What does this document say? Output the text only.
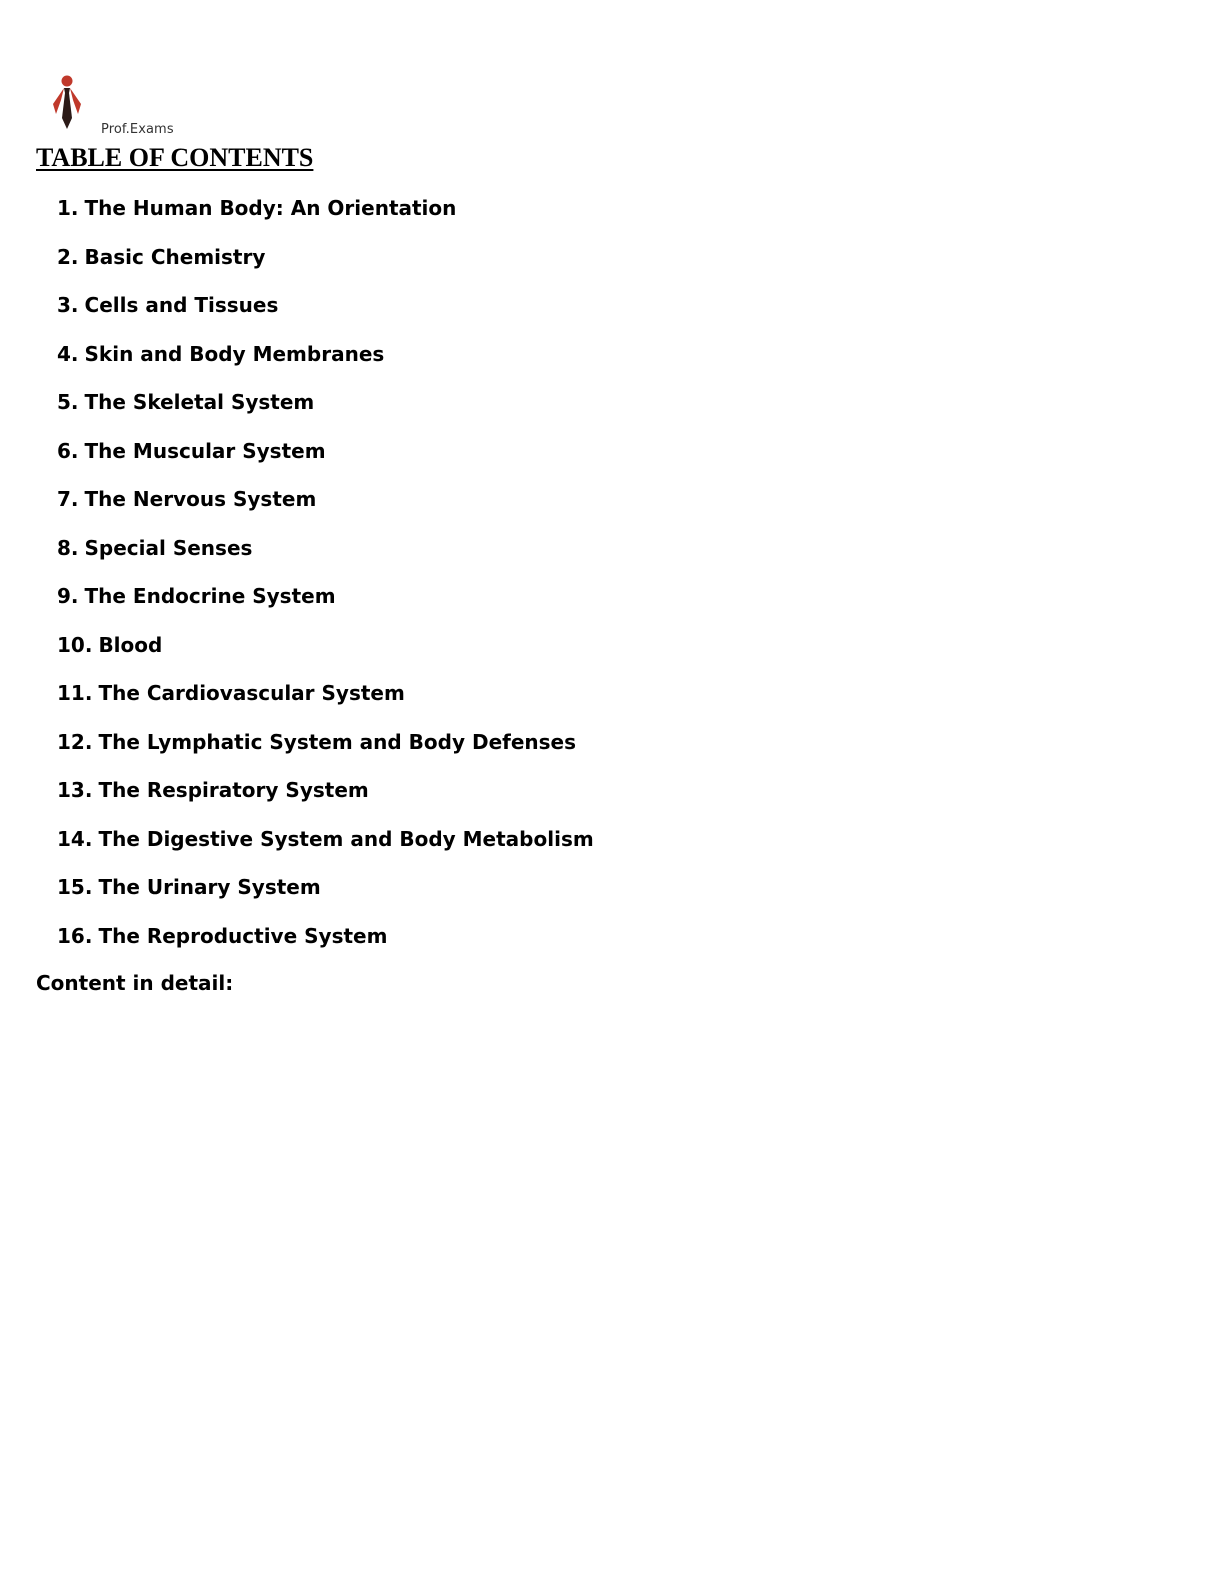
Prof.Exams
TABLE OF CONTENTS
1. The Human Body: An Orientation
2. Basic Chemistry
3. Cells and Tissues
4. Skin and Body Membranes
5. The Skeletal System
6. The Muscular System
7. The Nervous System
8. Special Senses
9. The Endocrine System
10. Blood
11. The Cardiovascular System
12. The Lymphatic System and Body Defenses
13. The Respiratory System
14. The Digestive System and Body Metabolism
15. The Urinary System
16. The Reproductive System
Content in detail:
